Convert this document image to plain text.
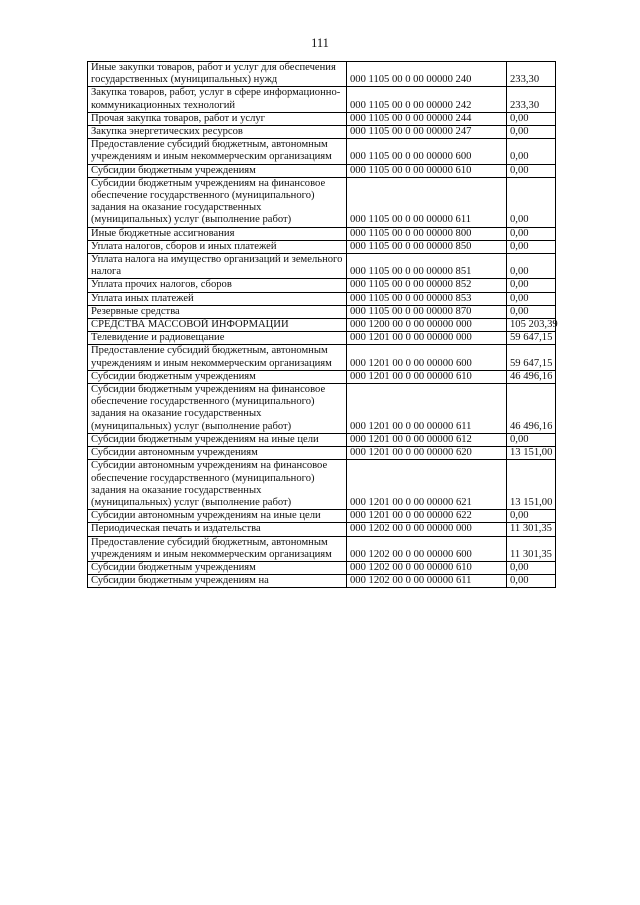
111
Иные закупки товаров, работ и услуг для обеспечения государственных (муниципальных) нужд	000 1105 00 0 00 00000 240	233,30
Закупка товаров, работ, услуг в сфере информационно-коммуникационных технологий	000 1105 00 0 00 00000 242	233,30
Прочая закупка товаров, работ и услуг	000 1105 00 0 00 00000 244	0,00
Закупка энергетических ресурсов	000 1105 00 0 00 00000 247	0,00
Предоставление субсидий бюджетным, автономным учреждениям и иным некоммерческим организациям	000 1105 00 0 00 00000 600	0,00
Субсидии бюджетным учреждениям	000 1105 00 0 00 00000 610	0,00
Субсидии бюджетным учреждениям на финансовое обеспечение государственного (муниципального) задания на оказание государственных (муниципальных) услуг (выполнение работ)	000 1105 00 0 00 00000 611	0,00
Иные бюджетные ассигнования	000 1105 00 0 00 00000 800	0,00
Уплата налогов, сборов и иных платежей	000 1105 00 0 00 00000 850	0,00
Уплата налога на имущество организаций и земельного налога	000 1105 00 0 00 00000 851	0,00
Уплата прочих налогов, сборов	000 1105 00 0 00 00000 852	0,00
Уплата иных платежей	000 1105 00 0 00 00000 853	0,00
Резервные средства	000 1105 00 0 00 00000 870	0,00
СРЕДСТВА МАССОВОЙ ИНФОРМАЦИИ	000 1200 00 0 00 00000 000	105 203,39
Телевидение и радиовещание	000 1201 00 0 00 00000 000	59 647,15
Предоставление субсидий бюджетным, автономным учреждениям и иным некоммерческим организациям	000 1201 00 0 00 00000 600	59 647,15
Субсидии бюджетным учреждениям	000 1201 00 0 00 00000 610	46 496,16
Субсидии бюджетным учреждениям на финансовое обеспечение государственного (муниципального) задания на оказание государственных (муниципальных) услуг (выполнение работ)	000 1201 00 0 00 00000 611	46 496,16
Субсидии бюджетным учреждениям на иные цели	000 1201 00 0 00 00000 612	0,00
Субсидии автономным учреждениям	000 1201 00 0 00 00000 620	13 151,00
Субсидии автономным учреждениям на финансовое обеспечение государственного (муниципального) задания на оказание государственных (муниципальных) услуг (выполнение работ)	000 1201 00 0 00 00000 621	13 151,00
Субсидии автономным учреждениям на иные цели	000 1201 00 0 00 00000 622	0,00
Периодическая печать и издательства	000 1202 00 0 00 00000 000	11 301,35
Предоставление субсидий бюджетным, автономным учреждениям и иным некоммерческим организациям	000 1202 00 0 00 00000 600	11 301,35
Субсидии бюджетным учреждениям	000 1202 00 0 00 00000 610	0,00
Субсидии бюджетным учреждениям на	000 1202 00 0 00 00000 611	0,00
